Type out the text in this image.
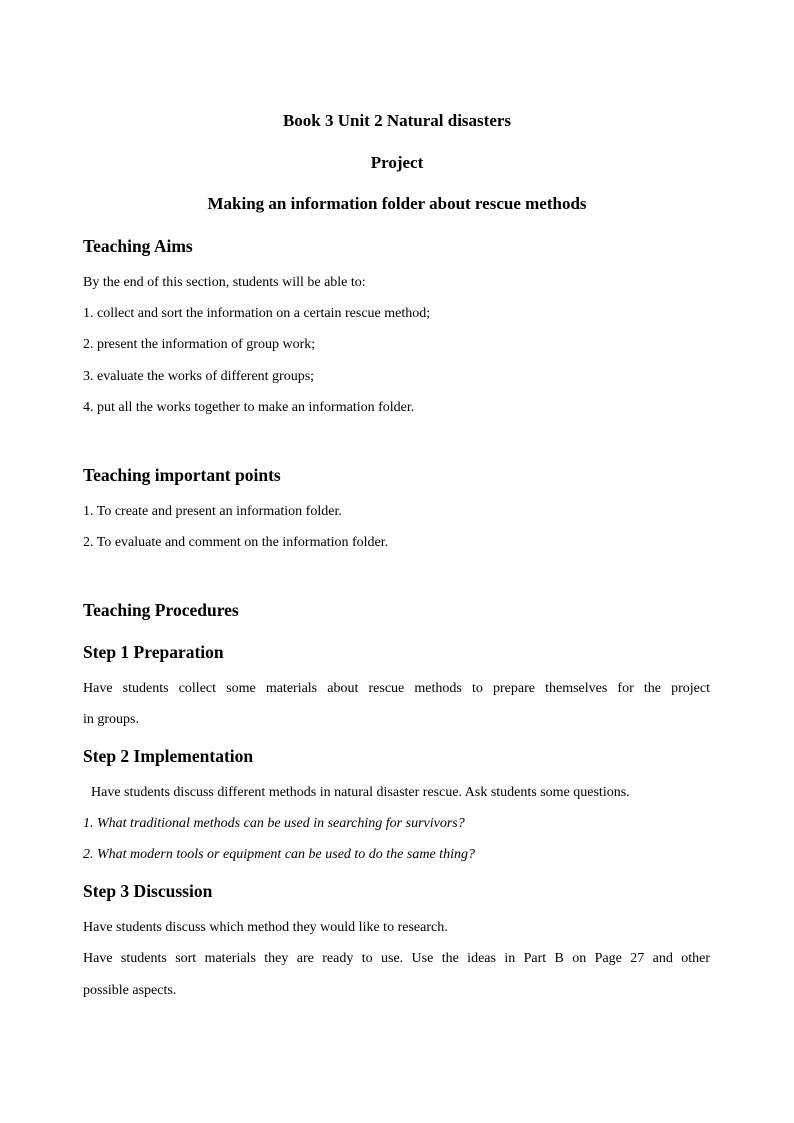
Book 3 Unit 2 Natural disasters
Project
Making an information folder about rescue methods
Teaching Aims
By the end of this section, students will be able to:
1. collect and sort the information on a certain rescue method;
2. present the information of group work;
3. evaluate the works of different groups;
4. put all the works together to make an information folder.
Teaching important points
1. To create and present an information folder.
2. To evaluate and comment on the information folder.
Teaching Procedures
Step 1 Preparation
Have students collect some materials about rescue methods to prepare themselves for the project
in groups.
Step 2 Implementation
Have students discuss different methods in natural disaster rescue. Ask students some questions.
1. What traditional methods can be used in searching for survivors?
2. What modern tools or equipment can be used to do the same thing?
Step 3 Discussion
Have students discuss which method they would like to research.
Have students sort materials they are ready to use. Use the ideas in Part B on Page 27 and other
possible aspects.
